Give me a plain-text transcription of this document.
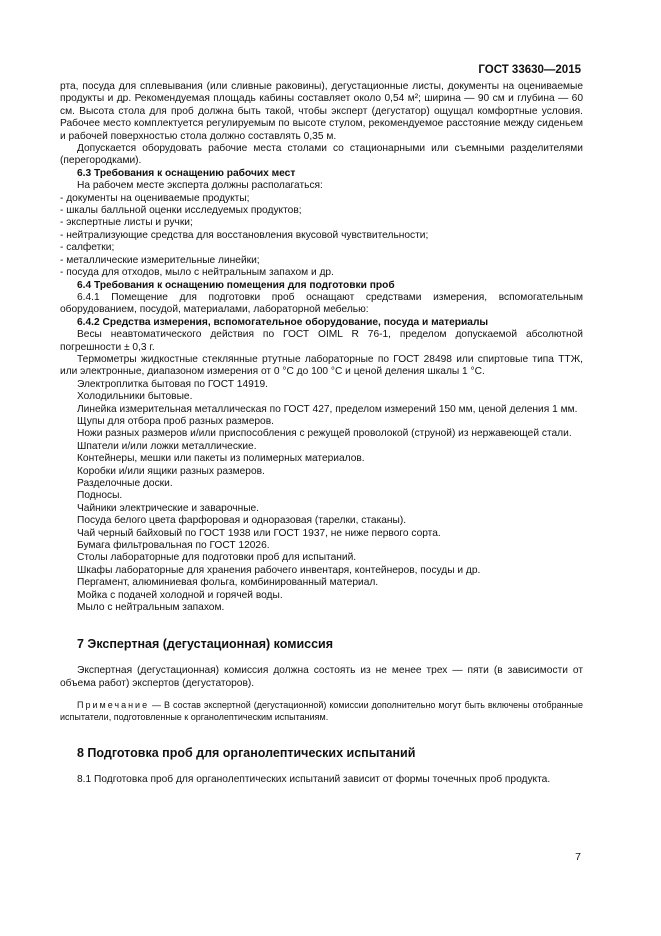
ГОСТ 33630—2015

рта, посуда для сплевывания (или сливные раковины), дегустационные листы, документы на оцениваемые продукты и др. Рекомендуемая площадь кабины составляет около 0,54 м²; ширина — 90 см и глубина — 60 см. Высота стола для проб должна быть такой, чтобы эксперт (дегустатор) ощущал комфортные условия. Рабочее место комплектуется регулируемым по высоте стулом, рекомендуемое расстояние между сиденьем и рабочей поверхностью стола должно составлять 0,35 м.

Допускается оборудовать рабочие места столами со стационарными или съемными разделителями (перегородками).

6.3 Требования к оснащению рабочих мест

На рабочем месте эксперта должны располагаться:

- документы на оцениваемые продукты;

- шкалы балльной оценки исследуемых продуктов;

- экспертные листы и ручки;

- нейтрализующие средства для восстановления вкусовой чувствительности;

- салфетки;

- металлические измерительные линейки;

- посуда для отходов, мыло с нейтральным запахом и др.

6.4 Требования к оснащению помещения для подготовки проб

6.4.1 Помещение для подготовки проб оснащают средствами измерения, вспомогательным оборудованием, посудой, материалами, лабораторной мебелью:

6.4.2 Средства измерения, вспомогательное оборудование, посуда и материалы

Весы неавтоматического действия по ГОСТ OIML R 76-1, пределом допускаемой абсолютной погрешности ± 0,3 г.

Термометры жидкостные стеклянные ртутные лабораторные по ГОСТ 28498 или спиртовые типа ТТЖ, или электронные, диапазоном измерения от 0 °С до 100 °С и ценой деления шкалы 1 °С.

Электроплитка бытовая по ГОСТ 14919.

Холодильники бытовые.

Линейка измерительная металлическая по ГОСТ 427, пределом измерений 150 мм, ценой деления 1 мм.

Щупы для отбора проб разных размеров.

Ножи разных размеров и/или приспособления с режущей проволокой (струной) из нержавеющей стали.

Шпатели и/или ложки металлические.

Контейнеры, мешки или пакеты из полимерных материалов.

Коробки и/или ящики разных размеров.

Разделочные доски.

Подносы.

Чайники электрические и заварочные.

Посуда белого цвета фарфоровая и одноразовая (тарелки, стаканы).

Чай черный байховый по ГОСТ 1938 или ГОСТ 1937, не ниже первого сорта.

Бумага фильтровальная по ГОСТ 12026.

Столы лабораторные для подготовки проб для испытаний.

Шкафы лабораторные для хранения рабочего инвентаря, контейнеров, посуды и др.

Пергамент, алюминиевая фольга, комбинированный материал.

Мойка с подачей холодной и горячей воды.

Мыло с нейтральным запахом.

7 Экспертная (дегустационная) комиссия

Экспертная (дегустационная) комиссия должна состоять из не менее трех — пяти (в зависимости от объема работ) экспертов (дегустаторов).

Примечание — В состав экспертной (дегустационной) комиссии дополнительно могут быть включены отобранные испытатели, подготовленные к органолептическим испытаниям.

8 Подготовка проб для органолептических испытаний

8.1 Подготовка проб для органолептических испытаний зависит от формы точечных проб продукта.

7
